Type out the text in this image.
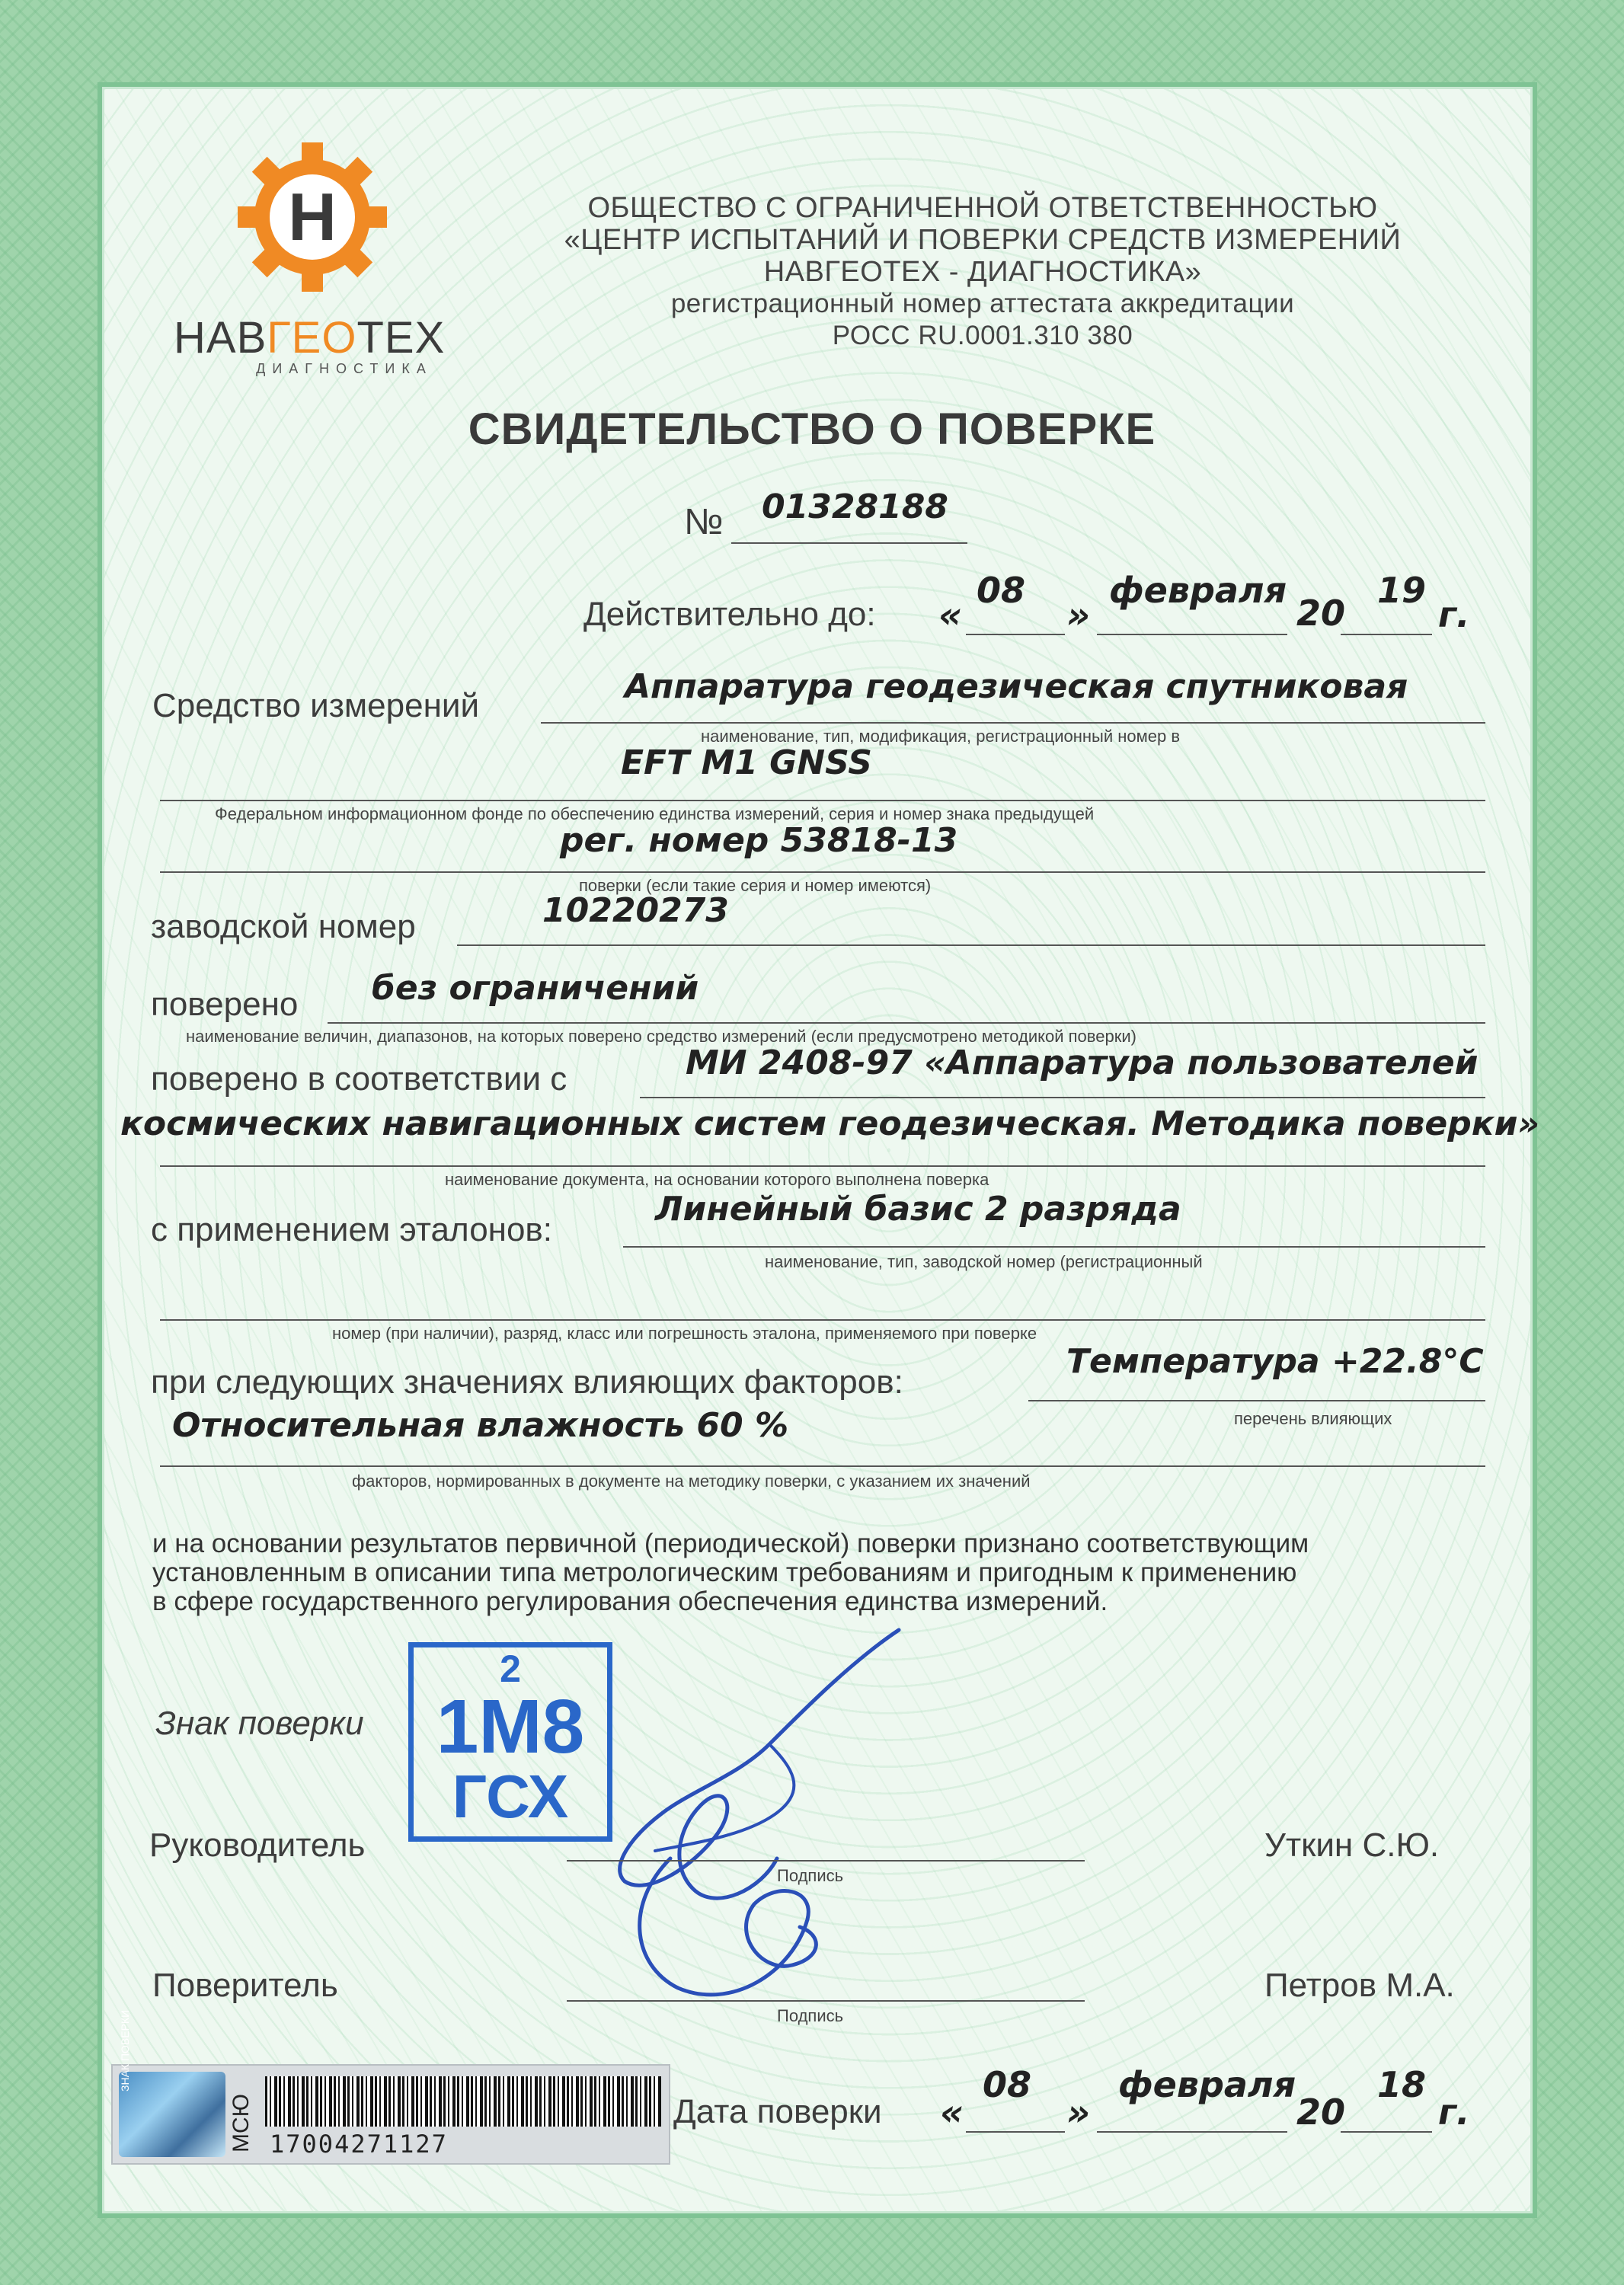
Н
НАВГЕОТЕХ
ДИАГНОСТИКА
ОБЩЕСТВО С ОГРАНИЧЕННОЙ ОТВЕТСТВЕННОСТЬЮ
«ЦЕНТР ИСПЫТАНИЙ И ПОВЕРКИ СРЕДСТВ ИЗМЕРЕНИЙ
НАВГЕОТЕХ - ДИАГНОСТИКА»
регистрационный номер аттестата аккредитации
РОСС RU.0001.310 380
СВИДЕТЕЛЬСТВО О ПОВЕРКЕ
№ 01328188
Действительно до: «
08
»
февраля
20
19
г.
Средство измерений	Аппаратура геодезическая спутниковая
наименование, тип, модификация, регистрационный номер в
EFT M1 GNSS
Федеральном информационном фонде по обеспечению единства измерений, серия и номер знака предыдущей
рег. номер 53818-13
поверки (если такие серия и номер имеются)
заводской номер	10220273
поверено без ограничений
наименование величин, диапазонов, на которых поверено средство измерений (если предусмотрено методикой поверки)
поверено в соответствии с	МИ 2408-97 «Аппаратура пользователей
космических навигационных систем геодезическая. Методика поверки»
наименование документа, на основании которого выполнена поверка
с применением эталонов:
Линейный базис 2 разряда
наименование, тип, заводской номер (регистрационный
номер (при наличии), разряд, класс или погрешность эталона, применяемого при поверке
при следующих значениях влияющих факторов:
Температура +22.8°С
перечень влияющих
Относительная влажность 60 %
факторов, нормированных в документе на методику поверки, с указанием их значений
и на основании результатов первичной (периодической) поверки признано соответствующим
установленным в описании типа метрологическим требованиям и пригодным к применению
в сфере государственного регулирования обеспечения единства измерений.
Знак поверки
2
1М8
ГСХ
Руководитель
Подпись
Уткин С.Ю.
Поверитель
Подпись
Петров М.А.
ЗНАК ПОВЕРКИ
МСЮ 17004271127
Дата поверки «
08
»
февраля
20
18
г.
